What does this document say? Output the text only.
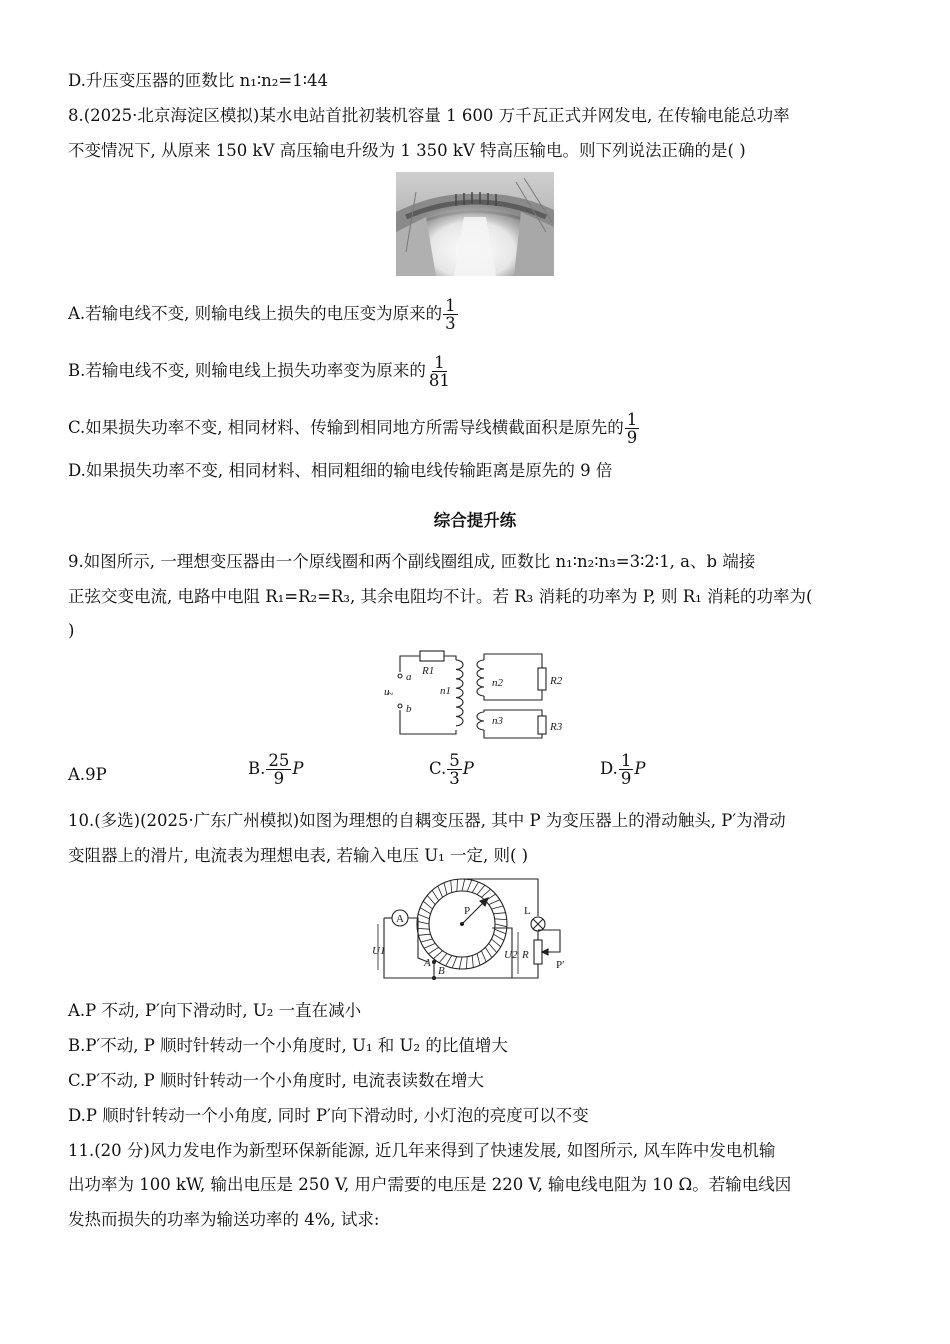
D.升压变压器的匝数比 n₁∶n₂=1∶44
8.(2025·北京海淀区模拟)某水电站首批初装机容量 1 600 万千瓦正式并网发电, 在传输电能总功率
不变情况下, 从原来 150 kV 高压输电升级为 1 350 kV 特高压输电。则下列说法正确的是( )
A.若输电线不变, 则输电线上损失的电压变为原来的 $\frac{1}{3}$
B.若输电线不变, 则输电线上损失功率变为原来的 $\frac{1}{81}$
C.如果损失功率不变, 相同材料、传输到相同地方所需导线横截面积是原先的 $\frac{1}{9}$
D.如果损失功率不变, 相同材料、相同粗细的输电线传输距离是原先的 9 倍
综合提升练
9.如图所示, 一理想变压器由一个原线圈和两个副线圈组成, 匝数比 n₁∶n₂∶n₃=3∶2∶1, a、b 端接
正弦交变电流, 电路中电阻 R₁=R₂=R₃, 其余电阻均不计。若 R₃ 消耗的功率为 P, 则 R₁ 消耗的功率为(
)
a
b
u
R1
n1
n2
n3
R2
R3
~
A.9P	B. $\frac{25}{9}$ P	C. $\frac{5}{3}$ P	D. $\frac{1}{9}$ P
10.(多选)(2025·广东广州模拟)如图为理想的自耦变压器, 其中 P 为变压器上的滑动触头, P′为滑动
变阻器上的滑片, 电流表为理想电表, 若输入电压 U₁ 一定, 则( )
A
P	L
U1	U2 R
P′
A
B
A.P 不动, P′向下滑动时, U₂ 一直在减小
B.P′不动, P 顺时针转动一个小角度时, U₁ 和 U₂ 的比值增大
C.P′不动, P 顺时针转动一个小角度时, 电流表读数在增大
D.P 顺时针转动一个小角度, 同时 P′向下滑动时, 小灯泡的亮度可以不变
11.(20 分)风力发电作为新型环保新能源, 近几年来得到了快速发展, 如图所示, 风车阵中发电机输
出功率为 100 kW, 输出电压是 250 V, 用户需要的电压是 220 V, 输电线电阻为 10 Ω。若输电线因
发热而损失的功率为输送功率的 4%, 试求:
